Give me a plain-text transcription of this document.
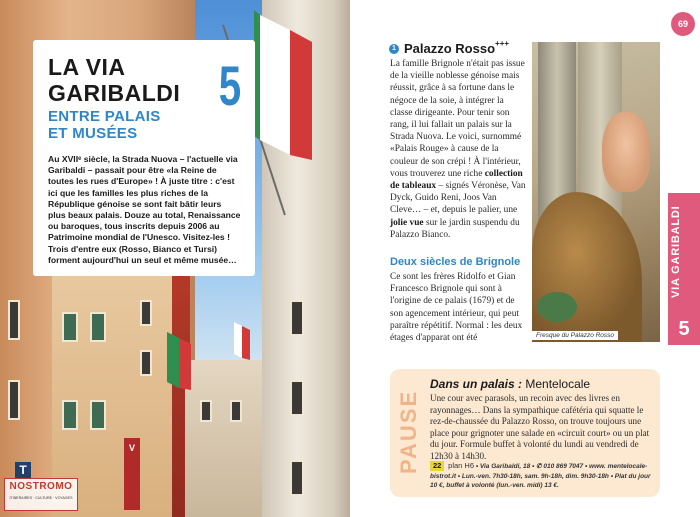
V
T
LA VIA
GARIBALDI
ENTRE PALAIS
ET MUSÉES
5
Au XVIIᵉ siècle, la Strada Nuova – l'actuelle via Garibaldi – passait pour être «la Reine de toutes les rues d'Europe» ! À juste titre : c'est ici que les familles les plus riches de la République génoise se sont fait bâtir leurs plus beaux palais. Douze au total, Renaissance ou baroques, tous inscrits depuis 2006 au Patrimoine mondial de l'Unesco. Visitez-les ! Trois d'entre eux (Rosso, Bianco et Tursi) forment aujourd'hui un seul et même musée…
NOSTROMO
ITINERAIRES · CULTURE · VOYAGES
69
VIA GARIBALDI
5
1 Palazzo Rosso +++
La famille Brignole n'était pas issue de la vieille noblesse génoise mais réussit, grâce à sa fortune dans le négoce de la soie, à intégrer la classe dirigeante. Pour tenir son rang, il lui fallait un palais sur la Strada Nuova. Le voici, surnommé «Palais Rouge» à cause de la couleur de son crépi ! À l'intérieur, vous trouverez une riche collection de tableaux – signés Véronèse, Van Dyck, Guido Reni, Joos Van Cleve… – et, depuis le palier, une jolie vue sur le jardin suspendu du Palazzo Bianco.
Deux siècles de Brignole
Ce sont les frères Ridolfo et Gian Francesco Brignole qui sont à l'origine de ce palais (1679) et de son agencement intérieur, qui peut paraître répétitif. Normal : les deux étages d'apparat ont été	Fresque du Palazzo Rosso
PAUSE
Dans un palais : Mentelocale
Une cour avec parasols, un recoin avec des livres en rayonnages… Dans la sympathique cafétéria qui squatte le rez-de-chaussée du Palazzo Rosso, on trouve toujours une place pour grignoter une salade en «circuit court» ou un plat du jour. Formule buffet à volonté du lundi au vendredi de 12h30 à 14h30.
22 plan H6 • Via Garibaldi, 18 • ✆ 010 869 7047 • www. mentelocale-bistrot.it • Lun.-ven. 7h30-18h, sam. 9h-18h, dim. 9h30-18h • Plat du jour 10 €, buffet à volonté (lun.-ven. midi) 13 €.
